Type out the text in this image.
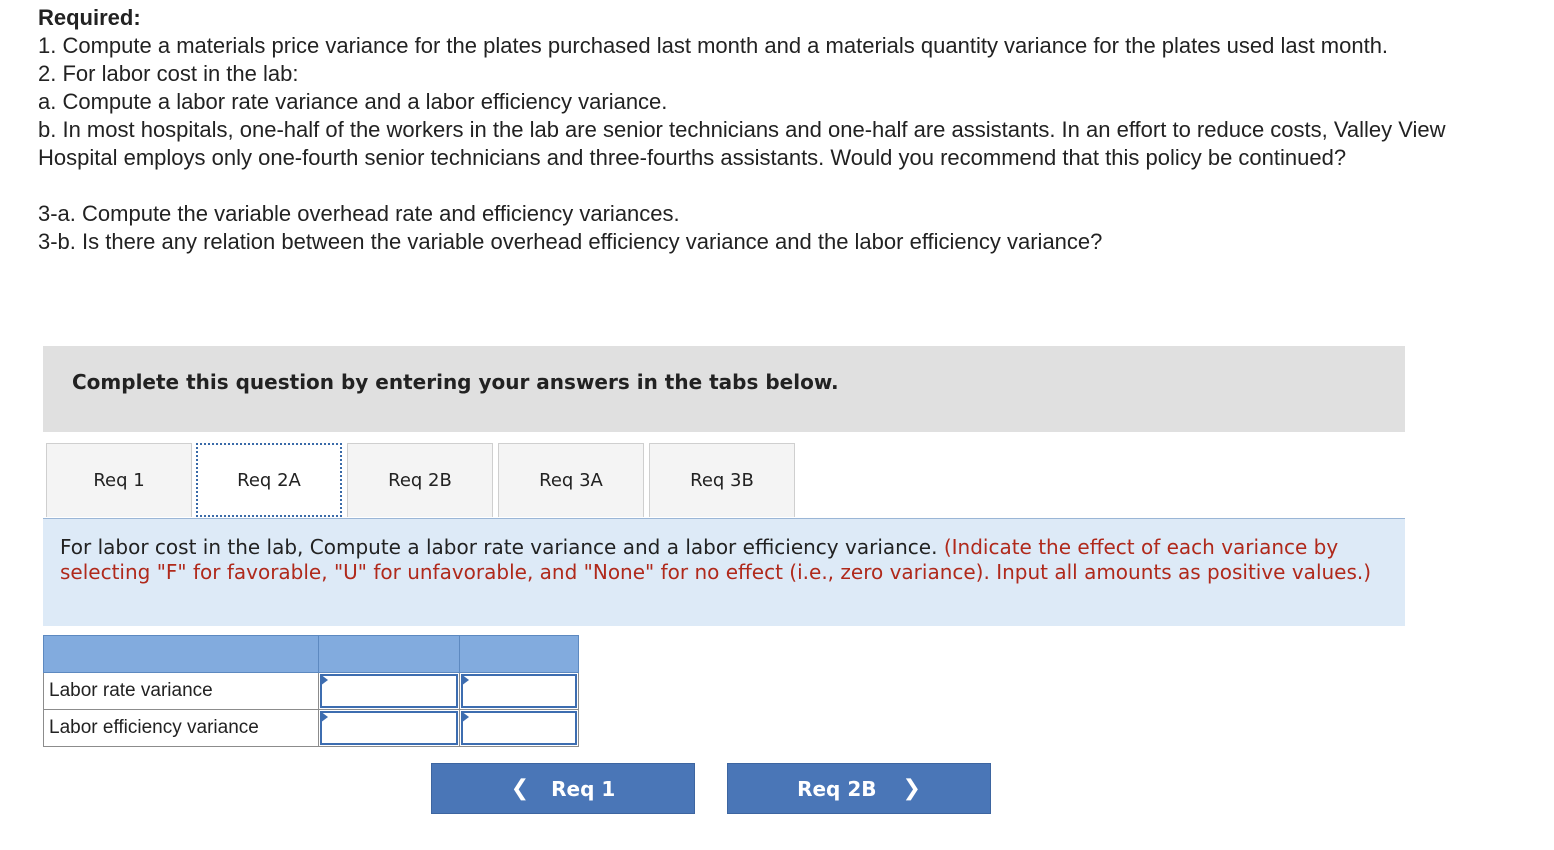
Required:

1. Compute a materials price variance for the plates purchased last month and a materials quantity variance for the plates used last month.

2. For labor cost in the lab:

a. Compute a labor rate variance and a labor efficiency variance.

b. In most hospitals, one-half of the workers in the lab are senior technicians and one-half are assistants. In an effort to reduce costs, Valley View Hospital employs only one-fourth senior technicians and three-fourths assistants. Would you recommend that this policy be continued?

3-a. Compute the variable overhead rate and efficiency variances.

3-b. Is there any relation between the variable overhead efficiency variance and the labor efficiency variance?

Complete this question by entering your answers in the tabs below.
Req 1	Req 2A	Req 2B	Req 3A	Req 3B
For labor cost in the lab, Compute a labor rate variance and a labor efficiency variance. (Indicate the effect of each variance by selecting "F" for favorable, "U" for unfavorable, and "None" for no effect (i.e., zero variance). Input all amounts as positive values.)

Labor rate variance	

Labor efficiency variance	

❮ Req 1	Req 2B ❯
